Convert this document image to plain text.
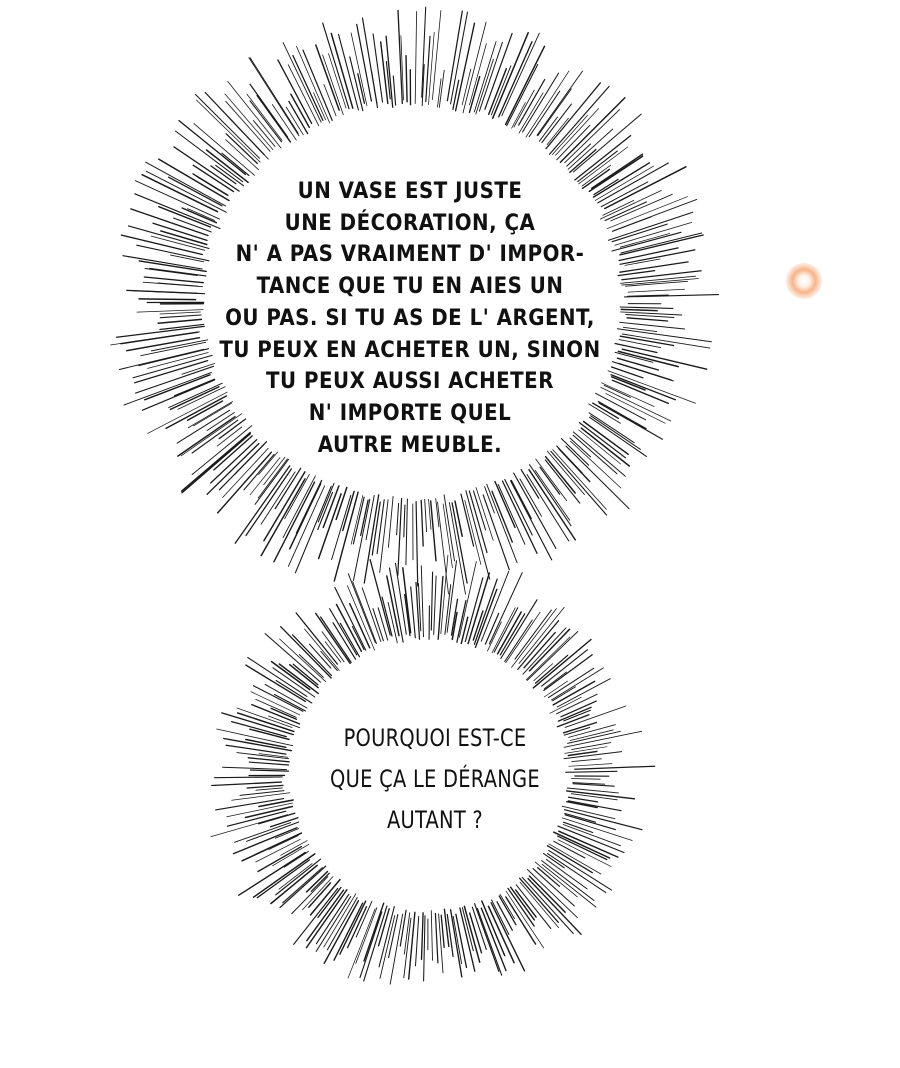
UN VASE EST JUSTE
UNE DÉCORATION, ÇA
N' A PAS VRAIMENT D' IMPOR-
TANCE QUE TU EN AIES UN
OU PAS. SI TU AS DE L' ARGENT,
TU PEUX EN ACHETER UN, SINON
TU PEUX AUSSI ACHETER
N' IMPORTE QUEL
AUTRE MEUBLE.
POURQUOI EST-CE
QUE ÇA LE DÉRANGE
AUTANT ?
